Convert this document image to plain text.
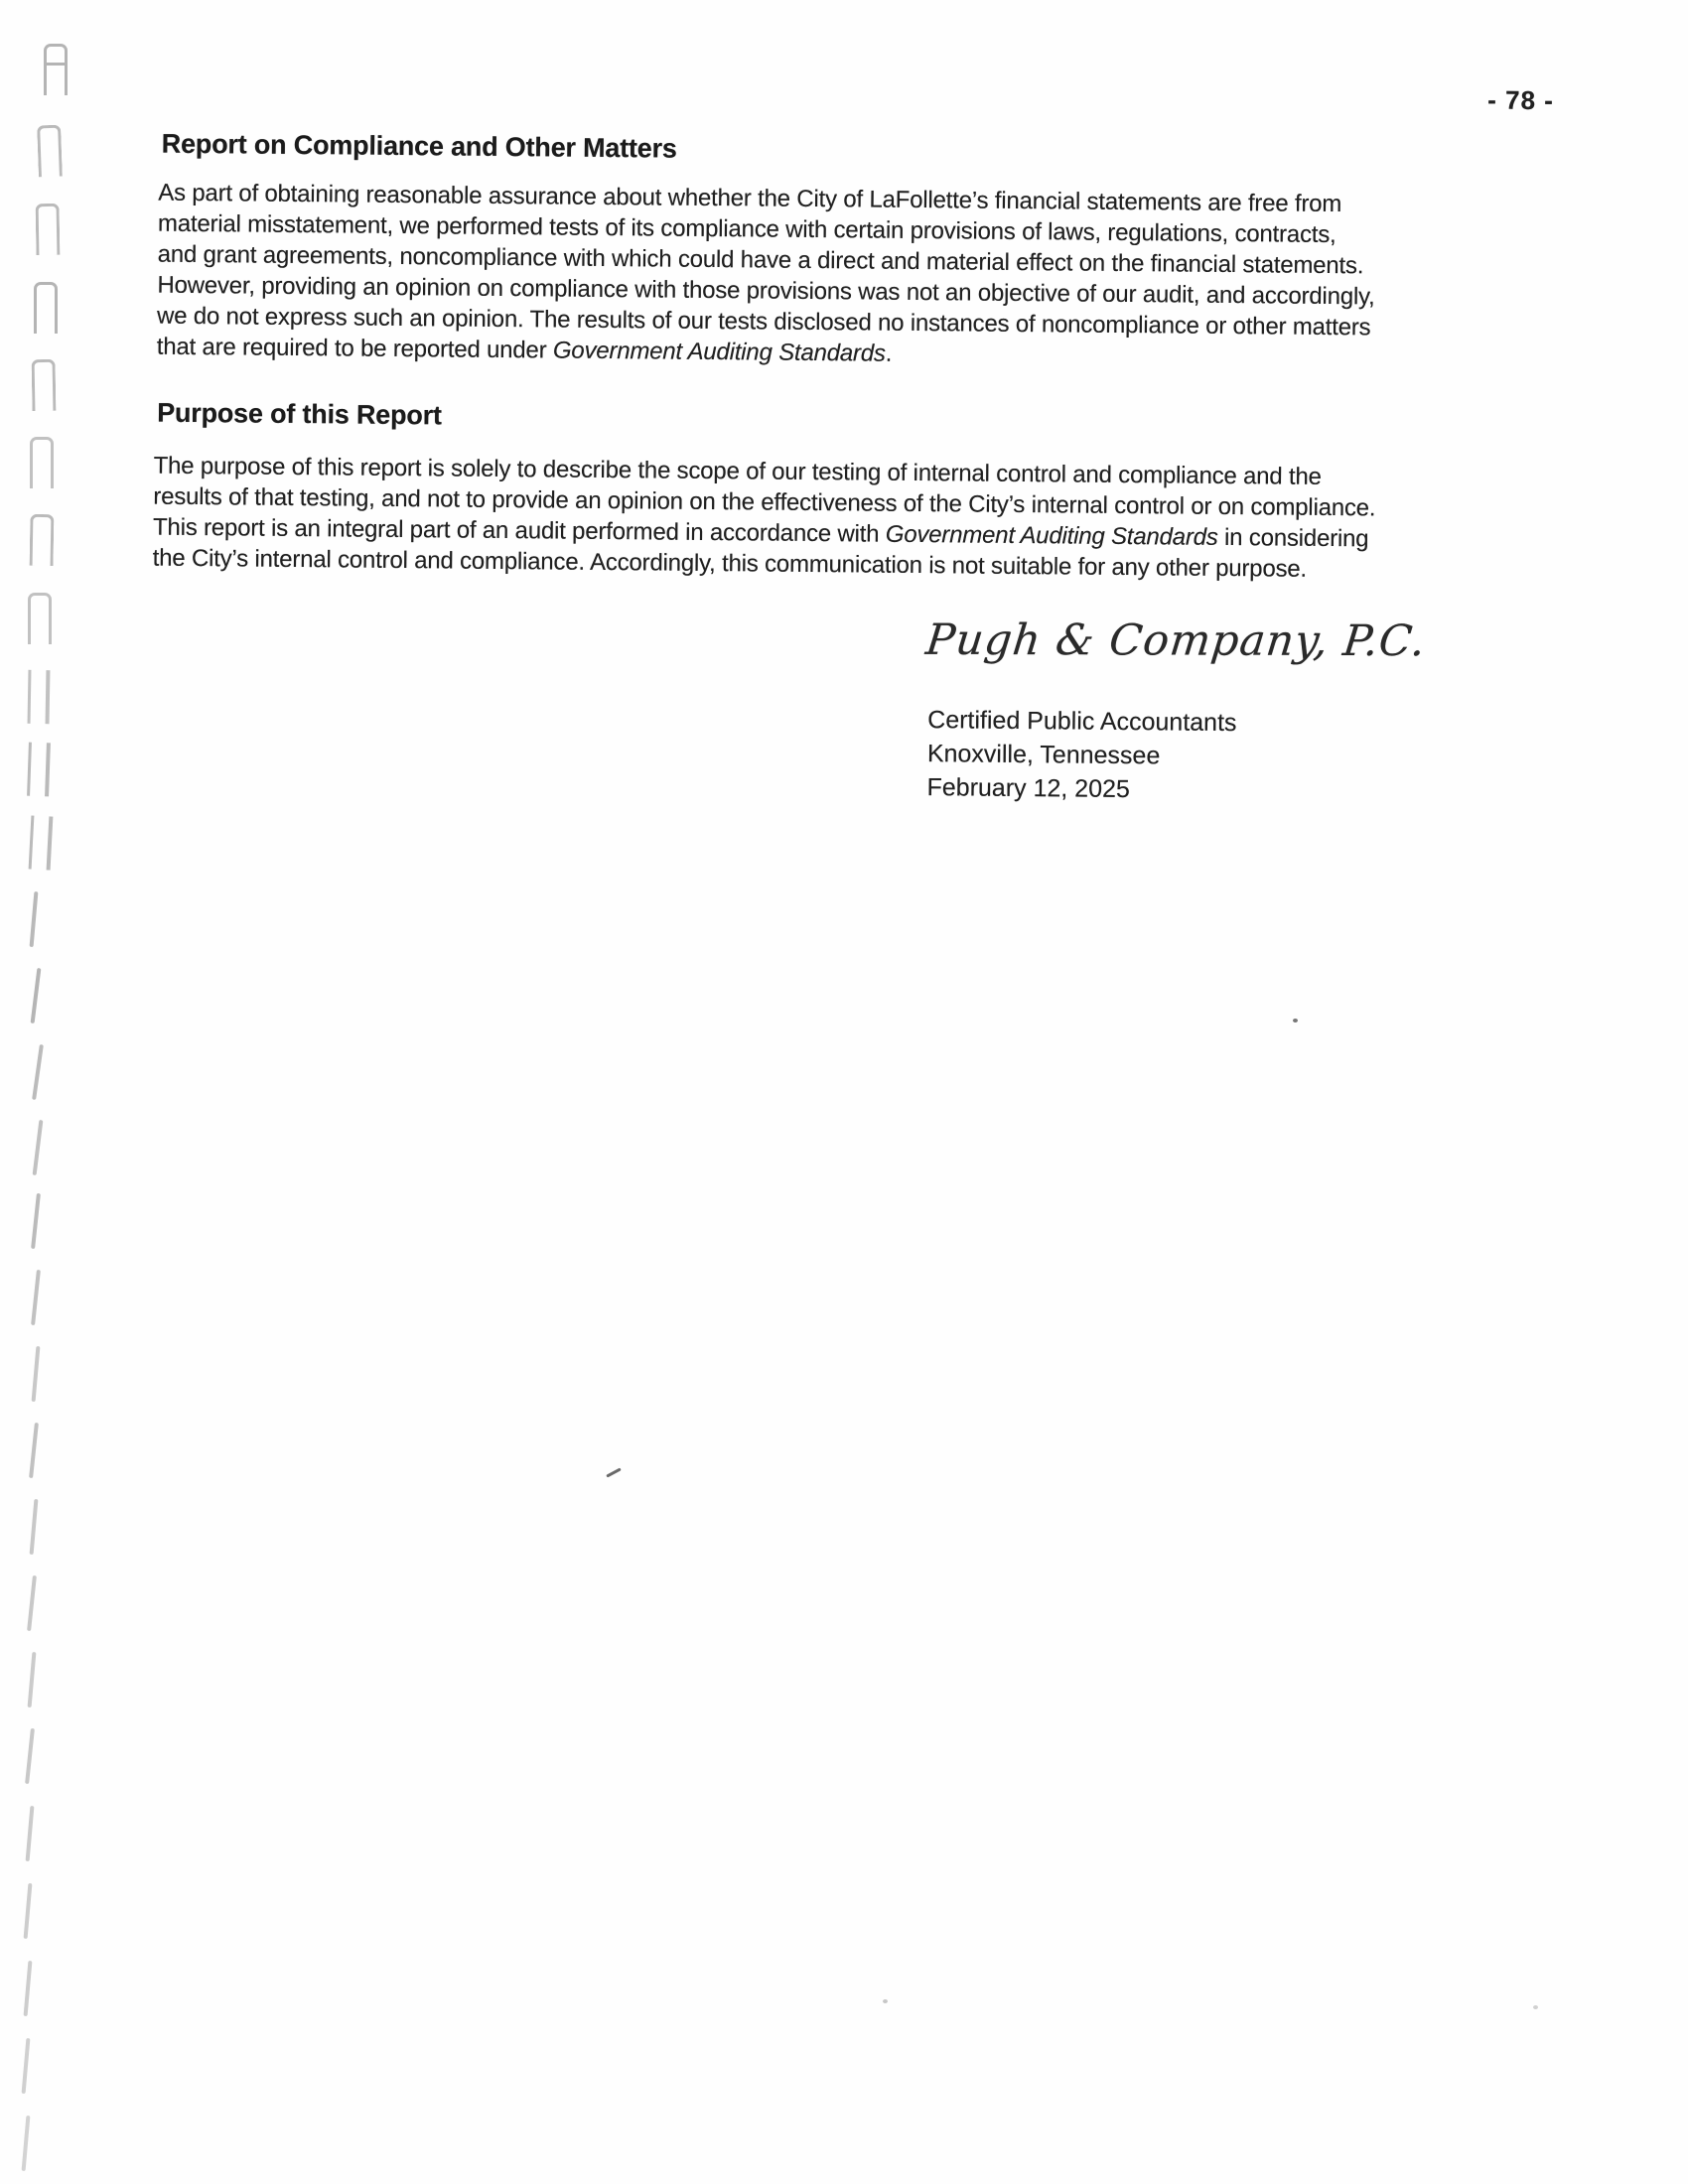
- 78 -
Report on Compliance and Other Matters
As part of obtaining reasonable assurance about whether the City of LaFollette’s financial statements are free from
material misstatement, we performed tests of its compliance with certain provisions of laws, regulations, contracts,
and grant agreements, noncompliance with which could have a direct and material effect on the financial statements.
However, providing an opinion on compliance with those provisions was not an objective of our audit, and accordingly,
we do not express such an opinion. The results of our tests disclosed no instances of noncompliance or other matters
that are required to be reported under Government Auditing Standards.
Purpose of this Report
The purpose of this report is solely to describe the scope of our testing of internal control and compliance and the
results of that testing, and not to provide an opinion on the effectiveness of the City’s internal control or on compliance.
This report is an integral part of an audit performed in accordance with Government Auditing Standards in considering
the City’s internal control and compliance. Accordingly, this communication is not suitable for any other purpose.
Pugh & Company, P.C.
Certified Public Accountants
Knoxville, Tennessee
February 12, 2025
